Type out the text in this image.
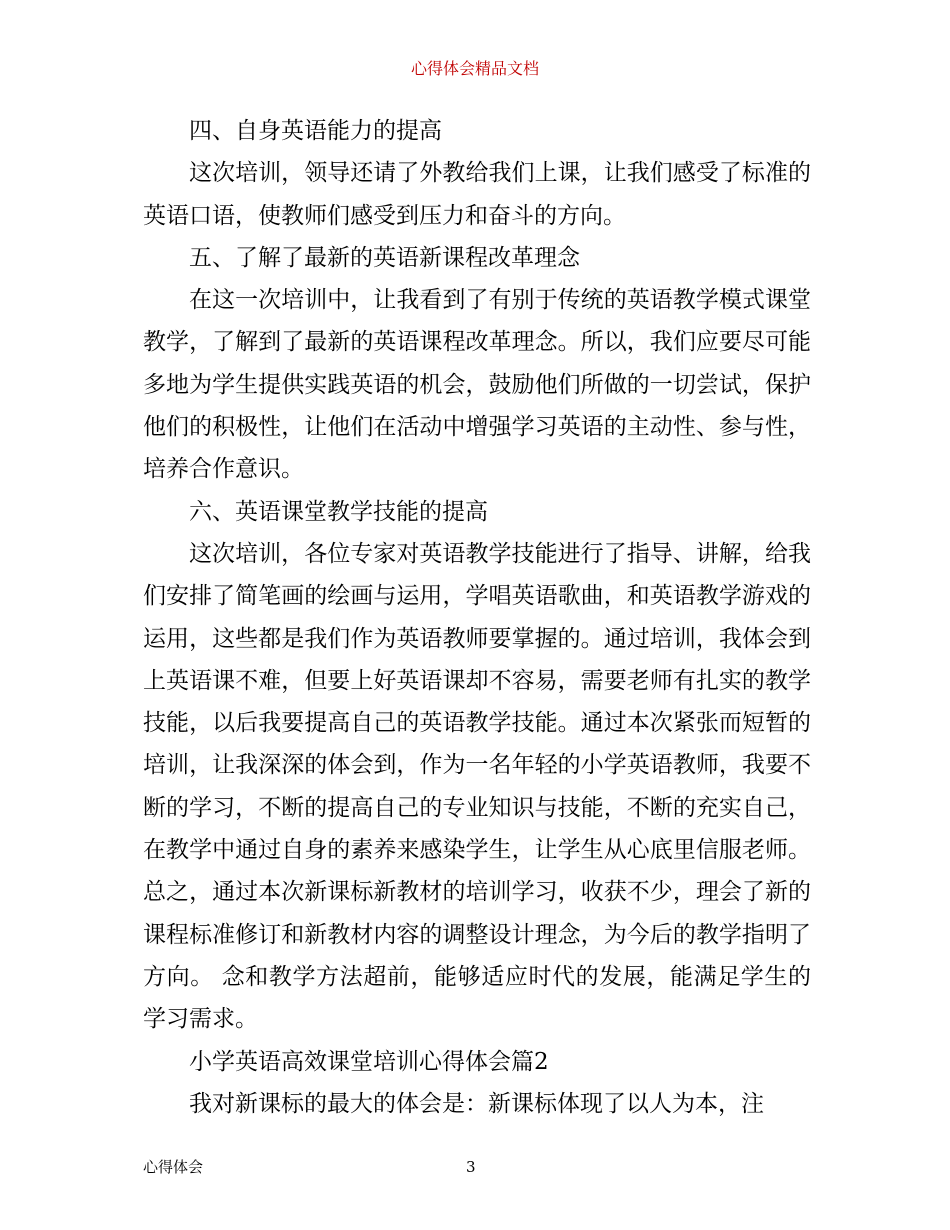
心得体会精品文档

四、自身英语能力的提高

这次培训，领导还请了外教给我们上课，让我们感受了标准的英语口语，使教师们感受到压力和奋斗的方向。

五、了解了最新的英语新课程改革理念

在这一次培训中，让我看到了有别于传统的英语教学模式课堂教学，了解到了最新的英语课程改革理念。所以，我们应要尽可能多地为学生提供实践英语的机会，鼓励他们所做的一切尝试，保护他们的积极性，让他们在活动中增强学习英语的主动性、参与性，培养合作意识。

六、英语课堂教学技能的提高

这次培训，各位专家对英语教学技能进行了指导、讲解，给我们安排了简笔画的绘画与运用，学唱英语歌曲，和英语教学游戏的运用，这些都是我们作为英语教师要掌握的。通过培训，我体会到上英语课不难，但要上好英语课却不容易，需要老师有扎实的教学技能，以后我要提高自己的英语教学技能。通过本次紧张而短暂的培训，让我深深的体会到，作为一名年轻的小学英语教师，我要不断的学习，不断的提高自己的专业知识与技能，不断的充实自己，在教学中通过自身的素养来感染学生，让学生从心底里信服老师。总之，通过本次新课标新教材的培训学习，收获不少，理会了新的课程标准修订和新教材内容的调整设计理念，为今后的教学指明了方向。 念和教学方法超前，能够适应时代的发展，能满足学生的学习需求。

小学英语高效课堂培训心得体会篇2

我对新课标的最大的体会是：新课标体现了以人为本，注

心得体会	3
